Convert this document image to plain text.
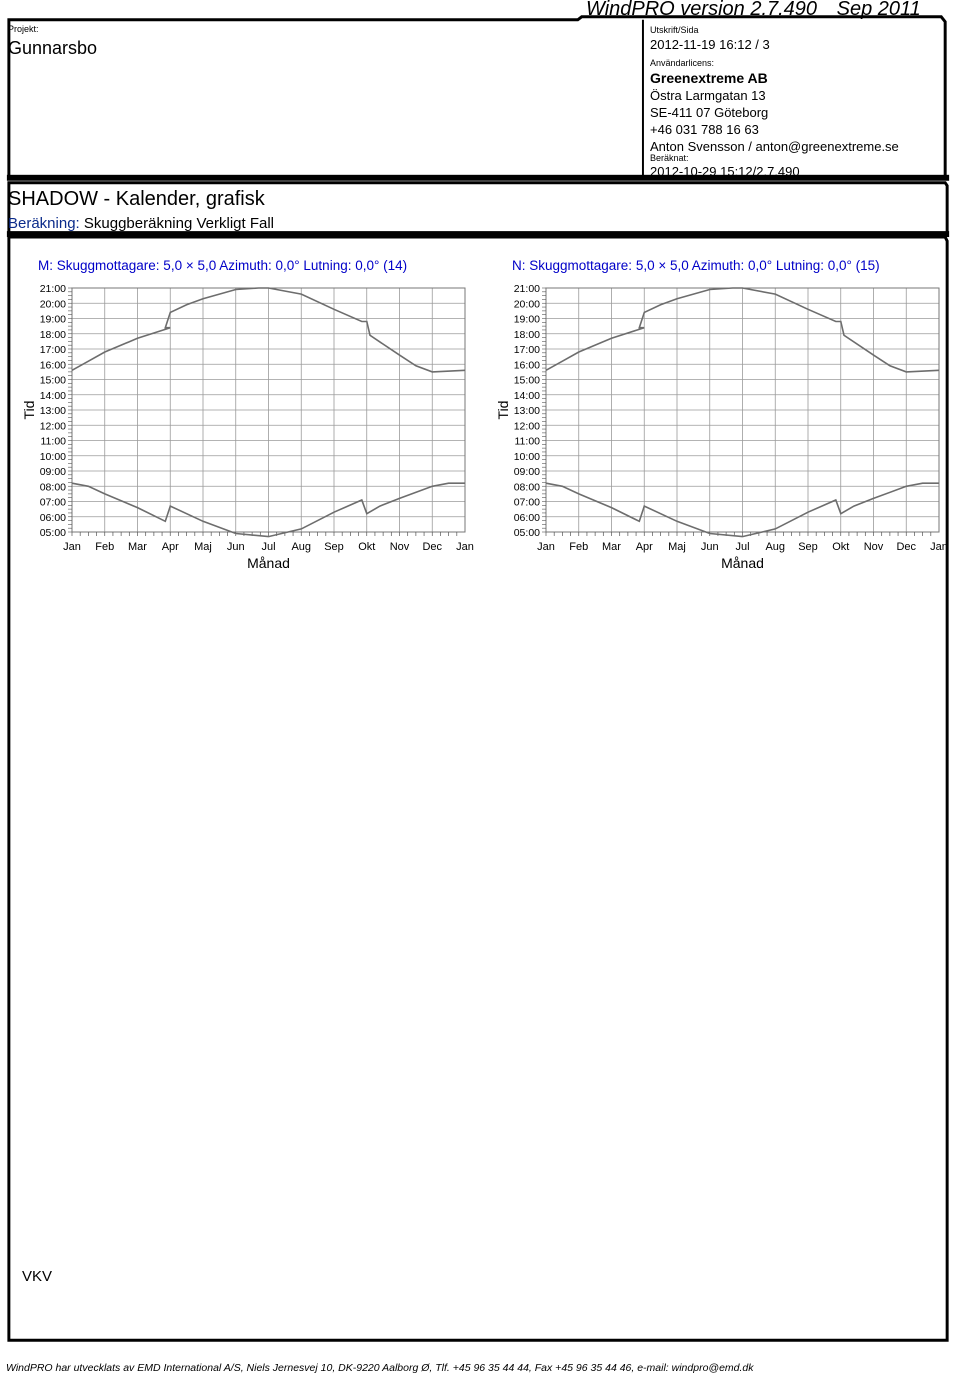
Projekt:
Gunnarsbo
WindPRO version 2.7.490 Sep 2011
Utskrift/Sida
2012-11-19 16:12 / 3
Användarlicens:
Greenextreme AB
Östra Larmgatan 13
SE-411 07 Göteborg
+46 031 788 16 63
Anton Svensson / anton@greenextreme.se
Beräknat:
2012-10-29 15:12/2.7.490
SHADOW - Kalender, grafisk
Beräkning: Skuggberäkning Verkligt Fall
M: Skuggmottagare: 5,0 × 5,0 Azimuth: 0,0° Lutning: 0,0° (14)
21:00
20:00
19:00
18:00
17:00
16:00
15:00
14:00
13:00
12:00
11:00
10:00
09:00
08:00
07:00
06:00
05:00
Jan Feb Mar Apr Maj Jun Jul Aug Sep Okt Nov Dec Jan
Månad
Tid
N: Skuggmottagare: 5,0 × 5,0 Azimuth: 0,0° Lutning: 0,0° (15)
21:00
20:00
19:00
18:00
17:00
16:00
15:00
14:00
13:00
12:00
11:00
10:00
09:00
08:00
07:00
06:00
05:00
Jan Feb Mar Apr Maj Jun Jul Aug Sep Okt Nov Dec Jan
Månad
Tid
VKV
WindPRO har utvecklats av EMD International A/S, Niels Jernesvej 10, DK-9220 Aalborg Ø, Tlf. +45 96 35 44 44, Fax +45 96 35 44 46, e-mail: windpro@emd.dk
